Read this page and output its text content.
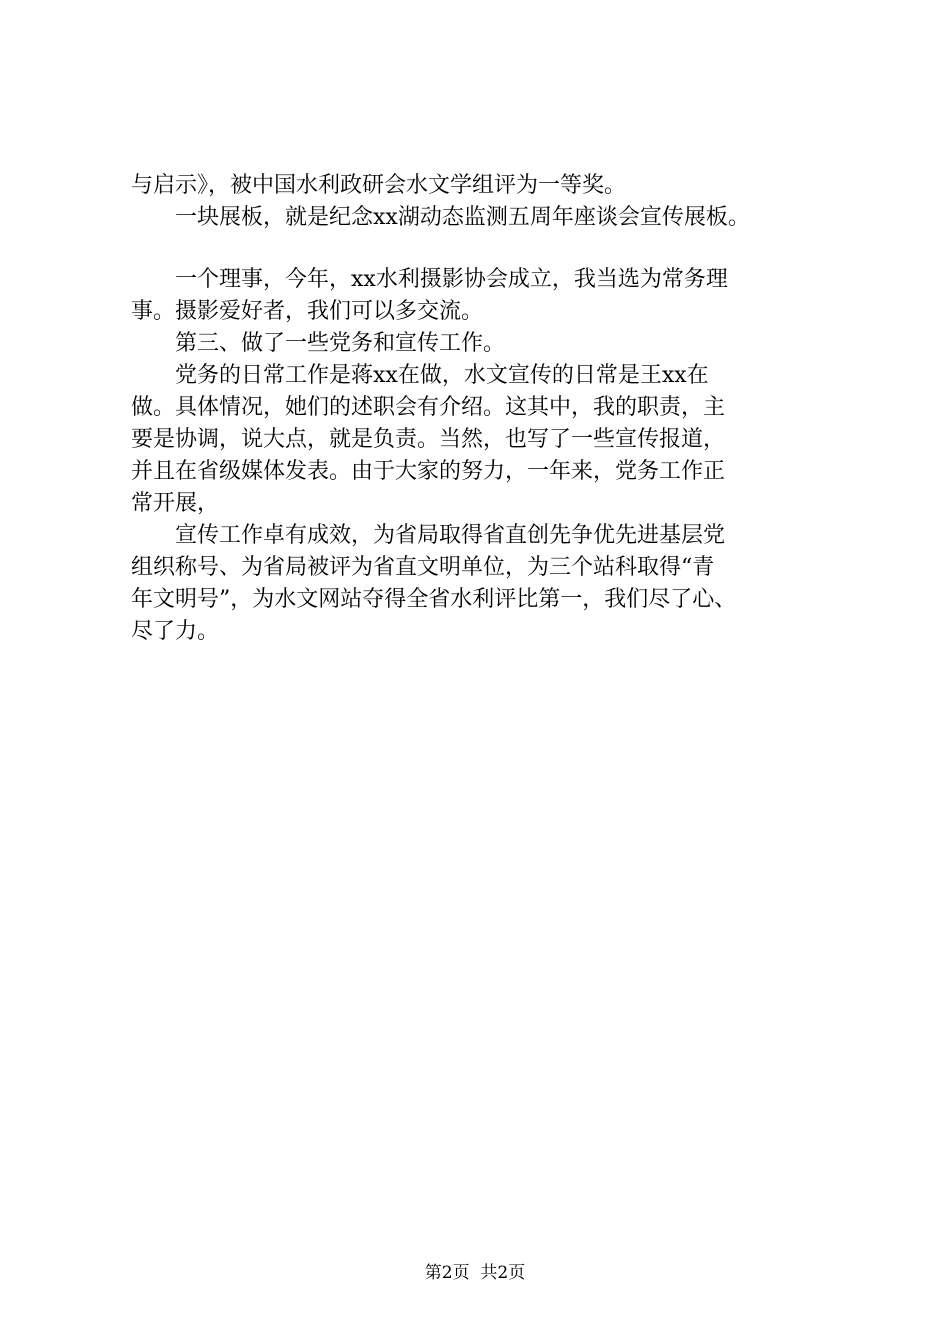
与启示》，被中国水利政研会水文学组评为一等奖。
　　一块展板，就是纪念xx湖动态监测五周年座谈会宣传展板。
　　一个理事，今年，xx水利摄影协会成立，我当选为常务理
事。摄影爱好者，我们可以多交流。
　　第三、做了一些党务和宣传工作。
　　党务的日常工作是蒋xx在做，水文宣传的日常是王xx在
做。具体情况，她们的述职会有介绍。这其中，我的职责，主
要是协调，说大点，就是负责。当然，也写了一些宣传报道，
并且在省级媒体发表。由于大家的努力，一年来，党务工作正
常开展，
　　宣传工作卓有成效，为省局取得省直创先争优先进基层党
组织称号、为省局被评为省直文明单位，为三个站科取得“青
年文明号”，为水文网站夺得全省水利评比第一，我们尽了心、
尽了力。
第2页  共2页
